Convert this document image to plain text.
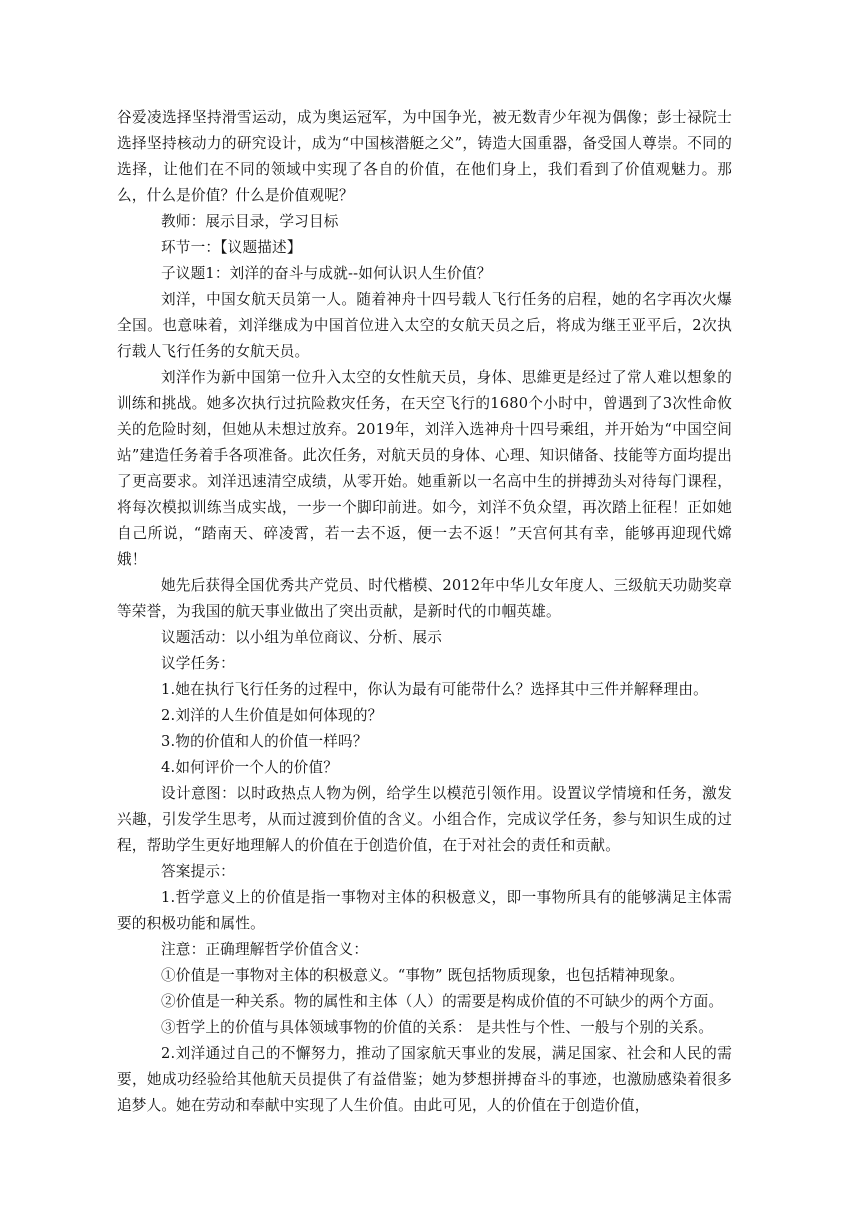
谷爱凌选择坚持滑雪运动，成为奥运冠军，为中国争光，被无数青少年视为偶像；彭士禄院士选择坚持核动力的研究设计，成为“中国核潜艇之父”，铸造大国重器，备受国人尊崇。不同的选择，让他们在不同的领域中实现了各自的价值，在他们身上，我们看到了价值观魅力。那么，什么是价值？什么是价值观呢？

教师：展示目录，学习目标

环节一：【议题描述】

子议题1：刘洋的奋斗与成就--如何认识人生价值？

刘洋，中国女航天员第一人。随着神舟十四号载人飞行任务的启程，她的名字再次火爆全国。也意味着，刘洋继成为中国首位进入太空的女航天员之后，将成为继王亚平后，2次执行载人飞行任务的女航天员。

刘洋作为新中国第一位升入太空的女性航天员，身体、思維更是经过了常人难以想象的训练和挑战。她多次执行过抗险救灾任务，在天空飞行的1680个小时中，曾遇到了3次性命攸关的危险时刻，但她从未想过放弃。2019年，刘洋入选神舟十四号乘组，并开始为“中国空间站”建造任务着手各项准备。此次任务，对航天员的身体、心理、知识储备、技能等方面均提出了更高要求。刘洋迅速清空成绩，从零开始。她重新以一名高中生的拼搏劲头对待每门课程，将每次模拟训练当成实战，一步一个脚印前进。如今，刘洋不负众望，再次踏上征程！正如她自己所说，“踏南天、碎凌霄，若一去不返，便一去不返！”天宫何其有幸，能够再迎现代嫦娥！

她先后获得全国优秀共产党员、时代楷模、2012年中华儿女年度人、三级航天功勋奖章等荣誉，为我国的航天事业做出了突出贡献，是新时代的巾帼英雄。

议题活动：以小组为单位商议、分析、展示

议学任务：

1.她在执行飞行任务的过程中，你认为最有可能带什么？选择其中三件并解释理由。

2.刘洋的人生价值是如何体现的？

3.物的价值和人的价值一样吗？

4.如何评价一个人的价值？

设计意图：以时政热点人物为例，给学生以模范引领作用。设置议学情境和任务，激发兴趣，引发学生思考，从而过渡到价值的含义。小组合作，完成议学任务，参与知识生成的过程，帮助学生更好地理解人的价值在于创造价值，在于对社会的责任和贡献。

答案提示：

1.哲学意义上的价值是指一事物对主体的积极意义，即一事物所具有的能够满足主体需要的积极功能和属性。

注意：正确理解哲学价值含义：

①价值是一事物对主体的积极意义。“事物” 既包括物质现象，也包括精神现象。

②价值是一种关系。物的属性和主体（人）的需要是构成价值的不可缺少的两个方面。

③哲学上的价值与具体领域事物的价值的关系： 是共性与个性、一般与个别的关系。

2.刘洋通过自己的不懈努力，推动了国家航天事业的发展，满足国家、社会和人民的需要，她成功经验给其他航天员提供了有益借鉴；她为梦想拼搏奋斗的事迹，也激励感染着很多追梦人。她在劳动和奉献中实现了人生价值。由此可见，人的价值在于创造价值，
